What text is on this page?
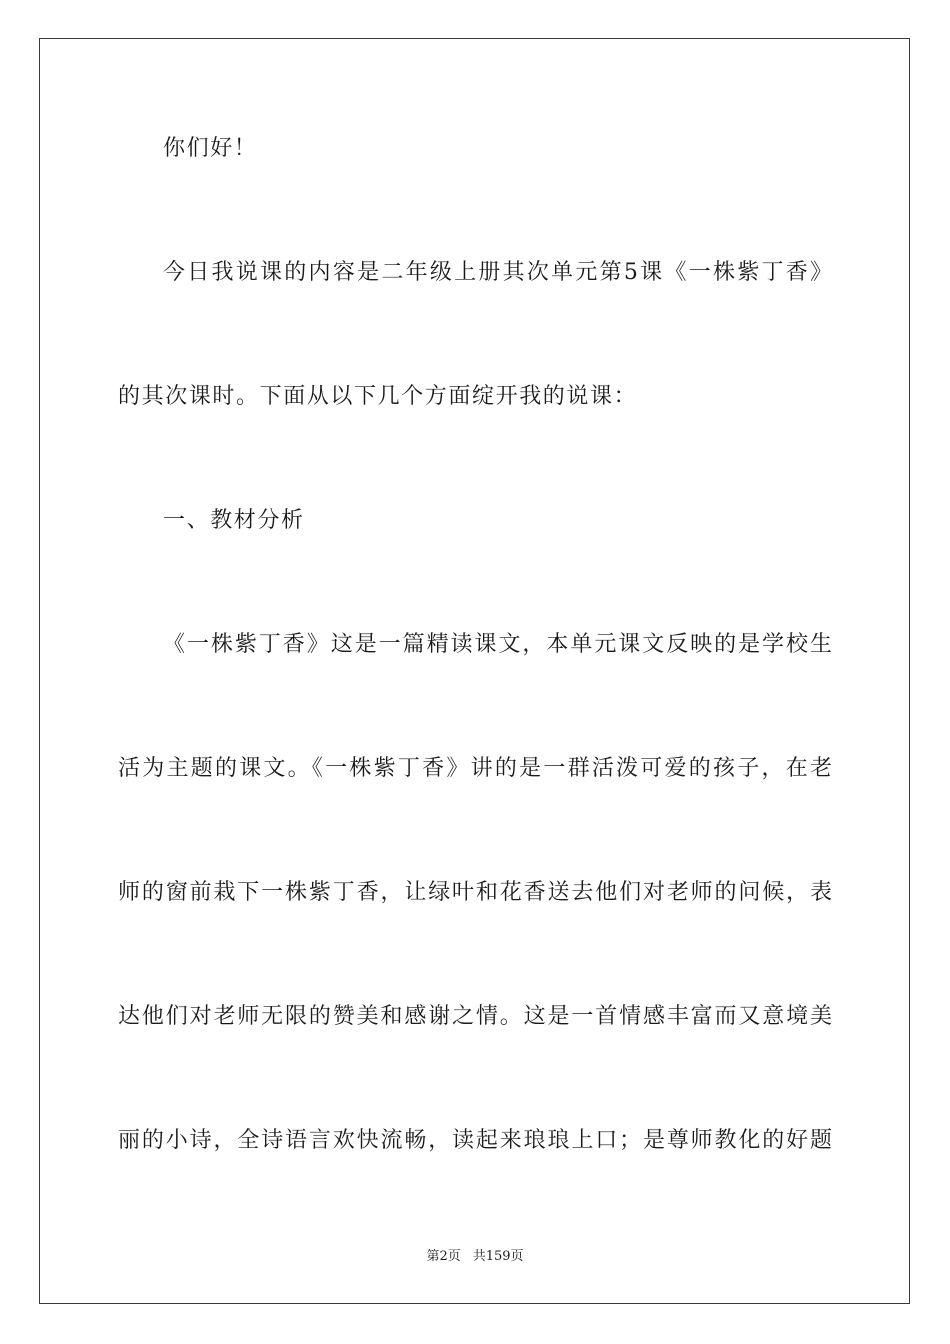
你们好！
今日我说课的内容是二年级上册其次单元第5课《一株紫丁香》
的其次课时。下面从以下几个方面绽开我的说课：
一、教材分析
《一株紫丁香》这是一篇精读课文，本单元课文反映的是学校生
活为主题的课文。《一株紫丁香》讲的是一群活泼可爱的孩子，在老
师的窗前栽下一株紫丁香，让绿叶和花香送去他们对老师的问候，表
达他们对老师无限的赞美和感谢之情。这是一首情感丰富而又意境美
丽的小诗，全诗语言欢快流畅，读起来琅琅上口；是尊师教化的好题
第2页 共159页
